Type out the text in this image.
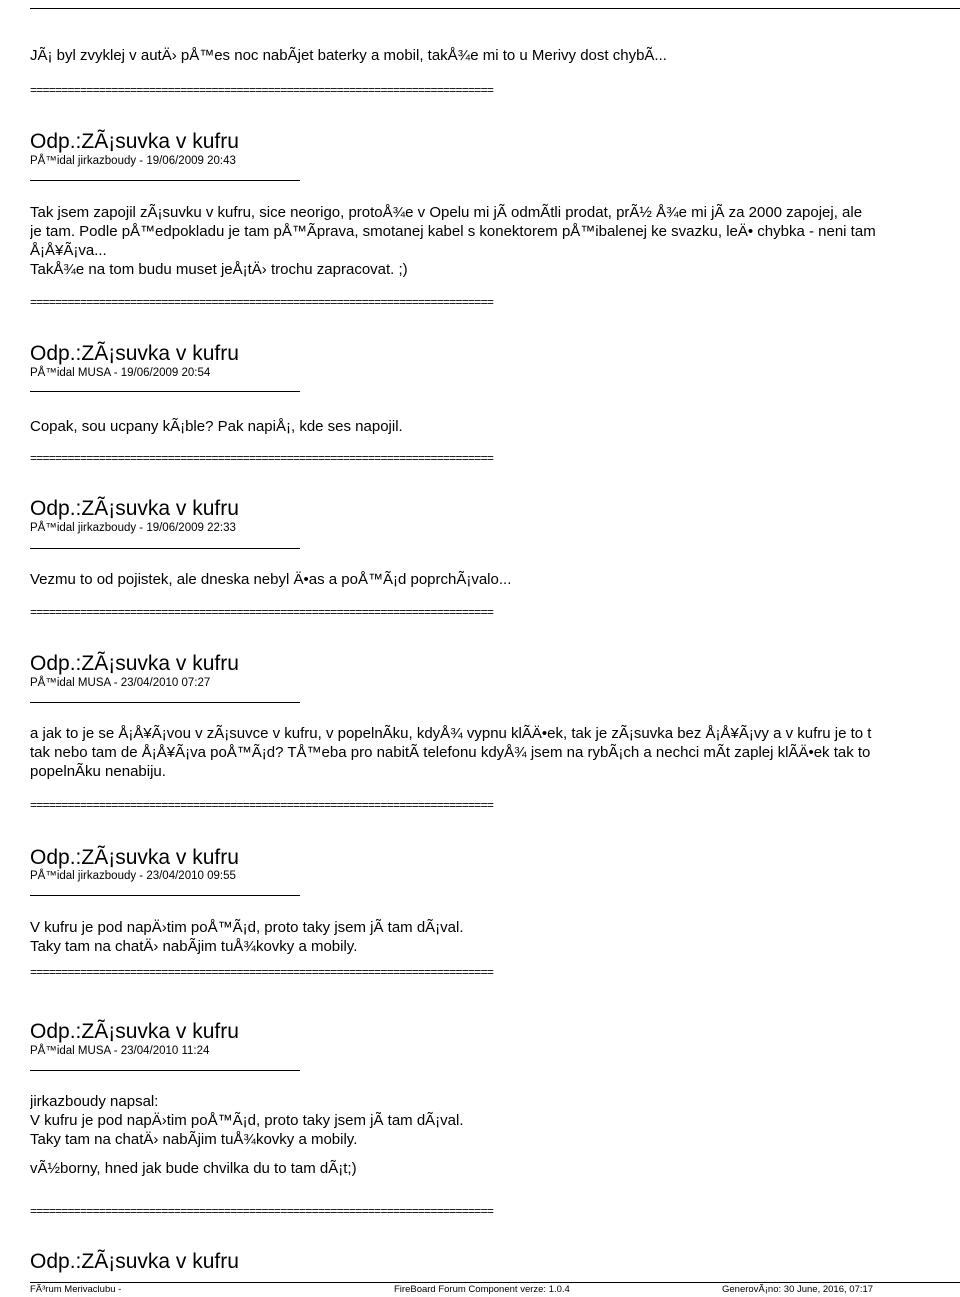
JÃ¡ byl zvyklej v autÄ› pÅ™es noc nabÃjet baterky a mobil, takÅ¾e mi to u Merivy dost chybÃ...
==========================================================================
Odp.:ZÃ¡suvka v kufru
PÅ™idal jirkazboudy - 19/06/2009 20:43
Tak jsem zapojil zÃ¡suvku v kufru, sice neorigo, protoÅ¾e v Opelu mi jÃ odmÃtli prodat, prÃ½ Å¾e mi jÃ za 2000 zapojej, ale
je tam. Podle pÅ™edpokladu je tam pÅ™Ãprava, smotanej kabel s konektorem pÅ™ibalenej ke svazku, leÄ• chybka - neni tam
Å¡Å¥Ã¡va...
TakÅ¾e na tom budu muset jeÅ¡tÄ› trochu zapracovat. ;)
==========================================================================
Odp.:ZÃ¡suvka v kufru
PÅ™idal MUSA - 19/06/2009 20:54
Copak, sou ucpany kÃ¡ble? Pak napiÅ¡, kde ses napojil.
==========================================================================
Odp.:ZÃ¡suvka v kufru
PÅ™idal jirkazboudy - 19/06/2009 22:33
Vezmu to od pojistek, ale dneska nebyl Ä•as a poÅ™Ã¡d poprchÃ¡valo...
==========================================================================
Odp.:ZÃ¡suvka v kufru
PÅ™idal MUSA - 23/04/2010 07:27
a jak to je se Å¡Å¥Ã¡vou v zÃ¡suvce v kufru, v popelnÃku, kdyÅ¾ vypnu klÃÄ•ek, tak je zÃ¡suvka bez Å¡Å¥Ã¡vy a v kufru je to t
tak nebo tam de Å¡Å¥Ã¡va poÅ™Ã¡d? TÅ™eba pro nabitÃ telefonu kdyÅ¾ jsem na rybÃ¡ch a nechci mÃt zaplej klÃÄ•ek tak to
popelnÃku nenabiju.
==========================================================================
Odp.:ZÃ¡suvka v kufru
PÅ™idal jirkazboudy - 23/04/2010 09:55
V kufru je pod napÄ›tim poÅ™Ã¡d, proto taky jsem jÃ tam dÃ¡val.
Taky tam na chatÄ› nabÃjim tuÅ¾kovky a mobily.
==========================================================================
Odp.:ZÃ¡suvka v kufru
PÅ™idal MUSA - 23/04/2010 11:24
jirkazboudy napsal:
V kufru je pod napÄ›tim poÅ™Ã¡d, proto taky jsem jÃ tam dÃ¡val.
Taky tam na chatÄ› nabÃjim tuÅ¾kovky a mobily.
vÃ½borny, hned jak bude chvilka du to tam dÃ¡t;)
==========================================================================
Odp.:ZÃ¡suvka v kufru
FÃ³rum Merivaclubu -	FireBoard Forum Component verze: 1.0.4	GenerovÃ¡no: 30 June, 2016, 07:17
